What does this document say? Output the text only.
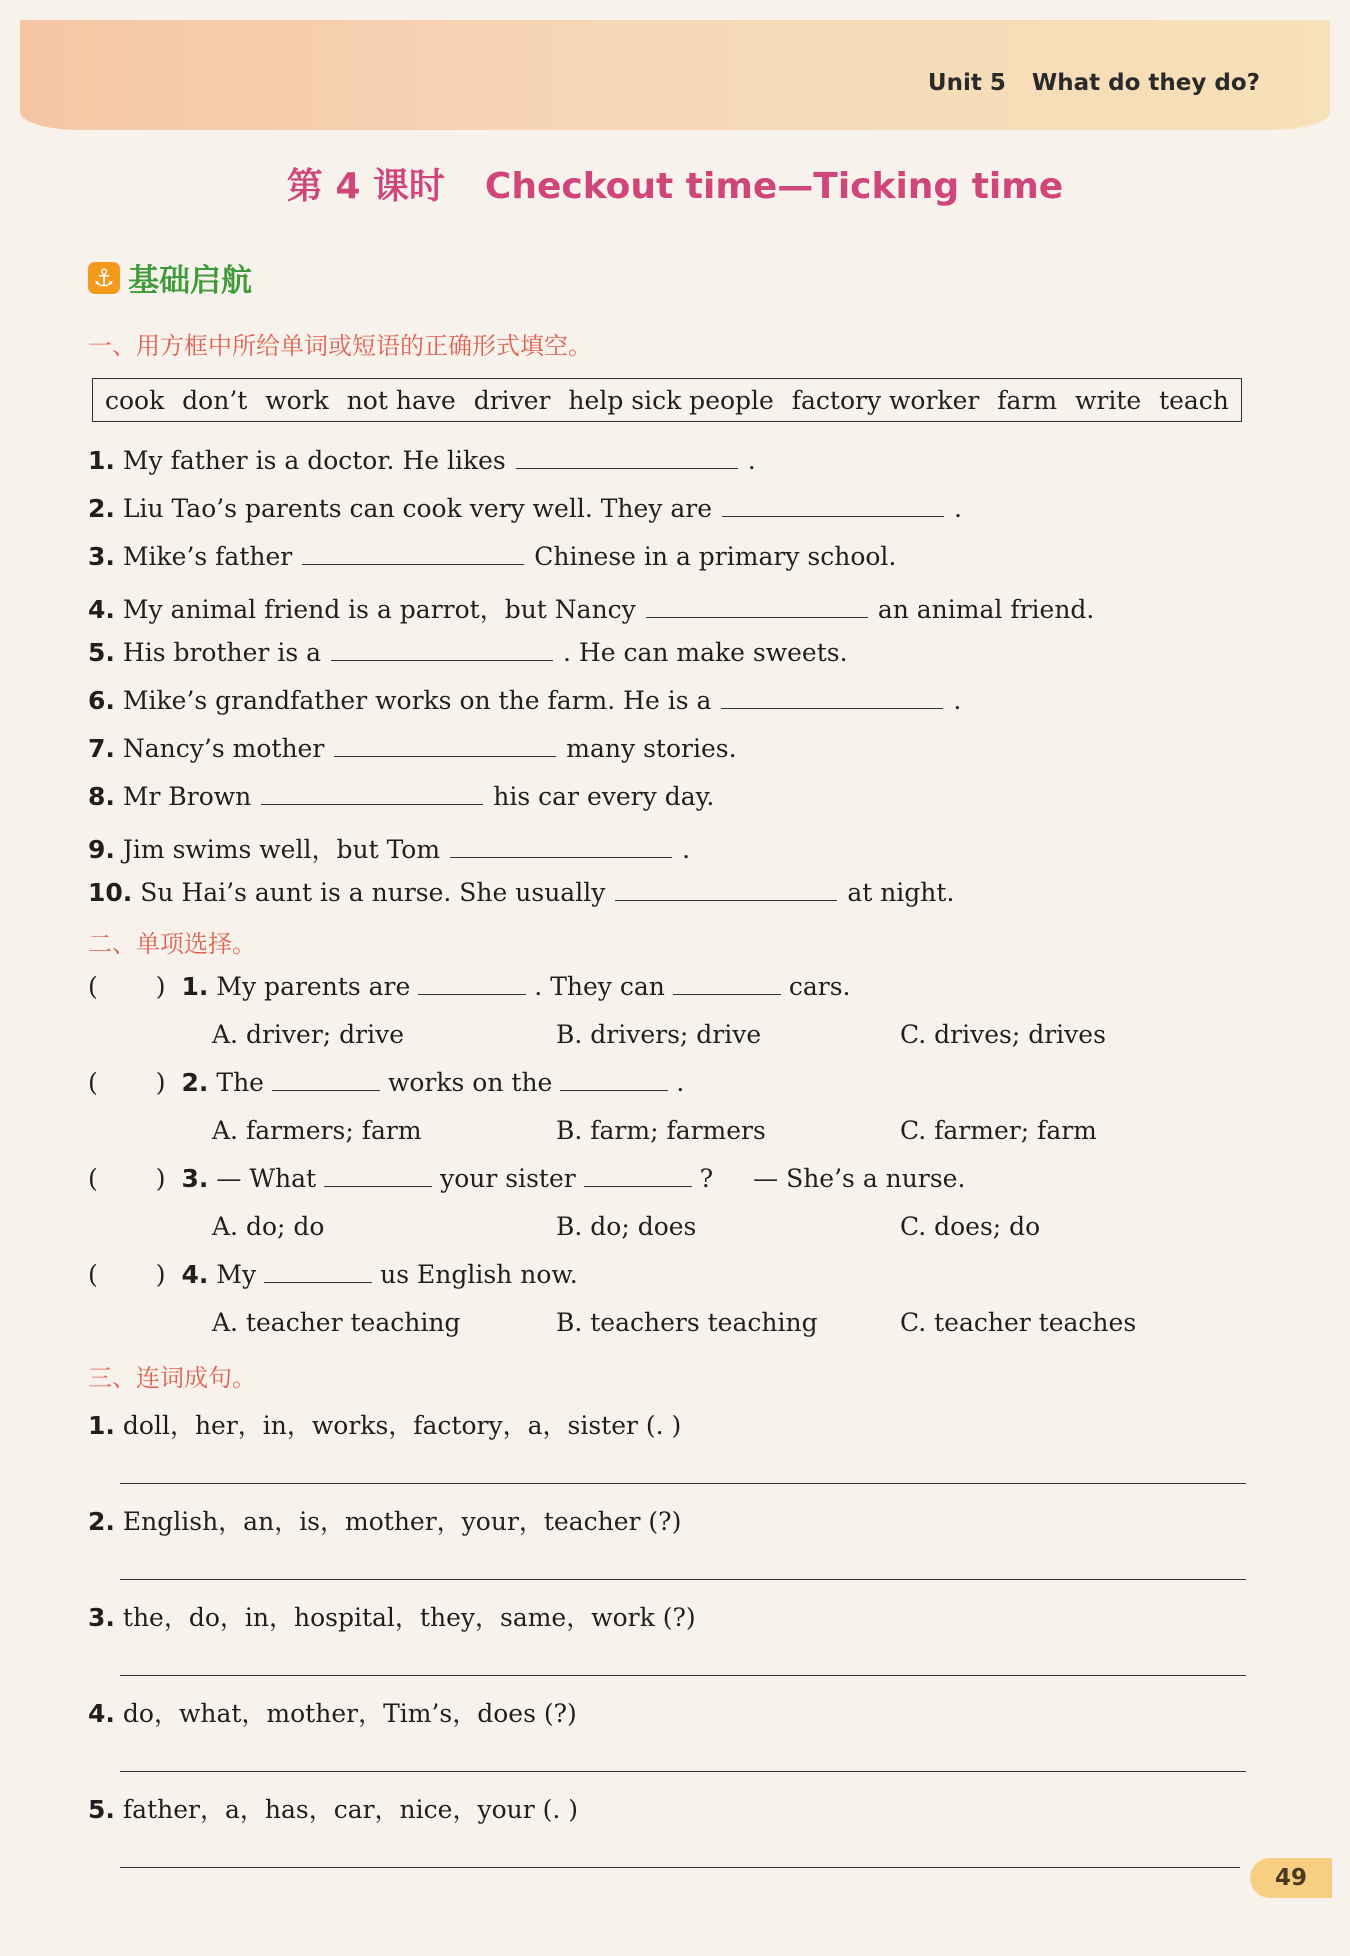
Unit 5 What do they do?
第 4 课时 Checkout time—Ticking time
⚓ 基础启航
一、用方框中所给单词或短语的正确形式填空。
cook don’t work not have driver help sick people factory worker farm write teach
1. My father is a doctor. He likes	.
2. Liu Tao’s parents can cook very well. They are	.
3. Mike’s father	Chinese in a primary school.
4. My animal friend is a parrot，but Nancy	an animal friend.
5. His brother is a	. He can make sweets.
6. Mike’s grandfather works on the farm. He is a	.
7. Nancy’s mother	many stories.
8. Mr Brown	his car every day.
9. Jim swims well，but Tom	.
10. Su Hai’s aunt is a nurse. She usually	at night.
二、单项选择。
( ) 1. My parents are	. They can	cars.
A. driver; drive	B. drivers; drive	C. drives; drives
( ) 2. The	works on the	.
A. farmers; farm	B. farm; farmers	C. farmer; farm
( ) 3. — What	your sister	? — She’s a nurse.
A. do; do	B. do; does	C. does; do
( ) 4. My	us English now.
A. teacher teaching	B. teachers teaching	C. teacher teaches
三、连词成句。
1. doll，her，in，works，factory，a，sister (. )
2. English，an，is，mother，your，teacher (?)
3. the，do，in，hospital，they，same，work (?)
4. do，what，mother，Tim’s，does (?)
5. father，a，has，car，nice，your (. )
49
